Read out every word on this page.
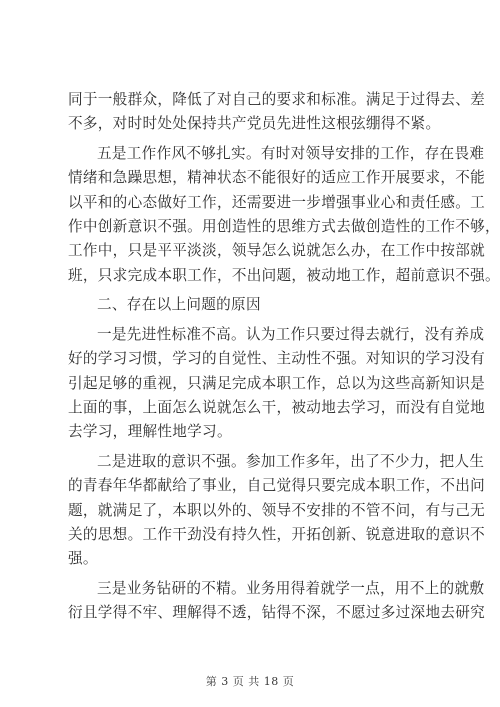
同于一般群众，降低了对自己的要求和标准。满足于过得去、差
不多，对时时处处保持共产党员先进性这根弦绷得不紧。
五是工作作风不够扎实。有时对领导安排的工作，存在畏难
情绪和急躁思想，精神状态不能很好的适应工作开展要求，不能
以平和的心态做好工作，还需要进一步增强事业心和责任感。工
作中创新意识不强。用创造性的思维方式去做创造性的工作不够，
工作中，只是平平淡淡，领导怎么说就怎么办，在工作中按部就
班，只求完成本职工作，不出问题，被动地工作，超前意识不强。
二、存在以上问题的原因
一是先进性标准不高。认为工作只要过得去就行，没有养成
好的学习习惯，学习的自觉性、主动性不强。对知识的学习没有
引起足够的重视，只满足完成本职工作，总以为这些高新知识是
上面的事，上面怎么说就怎么干，被动地去学习，而没有自觉地
去学习，理解性地学习。
二是进取的意识不强。参加工作多年，出了不少力，把人生
的青春年华都献给了事业，自己觉得只要完成本职工作，不出问
题，就满足了，本职以外的、领导不安排的不管不问，有与己无
关的思想。工作干劲没有持久性，开拓创新、锐意进取的意识不
强。
三是业务钻研的不精。业务用得着就学一点，用不上的就敷
衍且学得不牢、理解得不透，钻得不深，不愿过多过深地去研究
第 3 页 共 18 页
